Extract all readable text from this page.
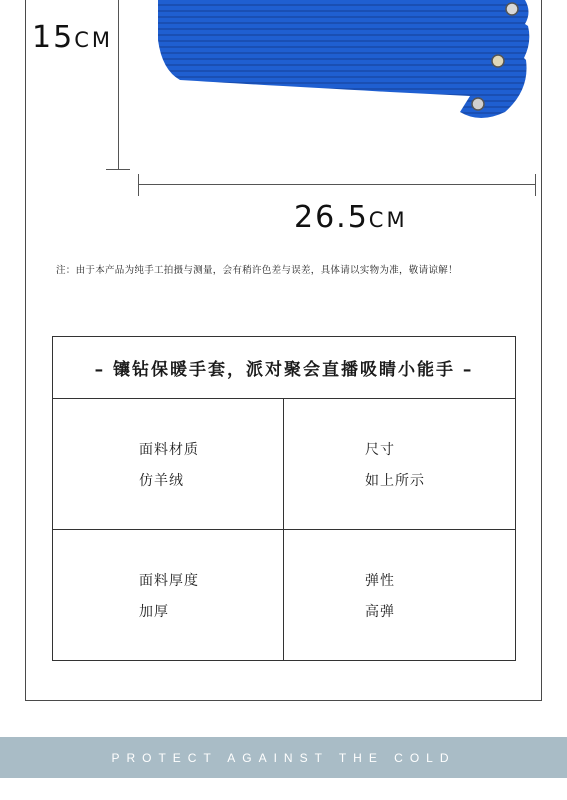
15CM
26.5CM
注：由于本产品为纯手工拍摄与测量，会有稍许色差与误差，具体请以实物为准，敬请谅解！
– 镶钻保暖手套，派对聚会直播吸睛小能手 –
面料材质
仿羊绒
尺寸
如上所示
面料厚度
加厚
弹性
高弹
PROTECT AGAINST THE COLD
